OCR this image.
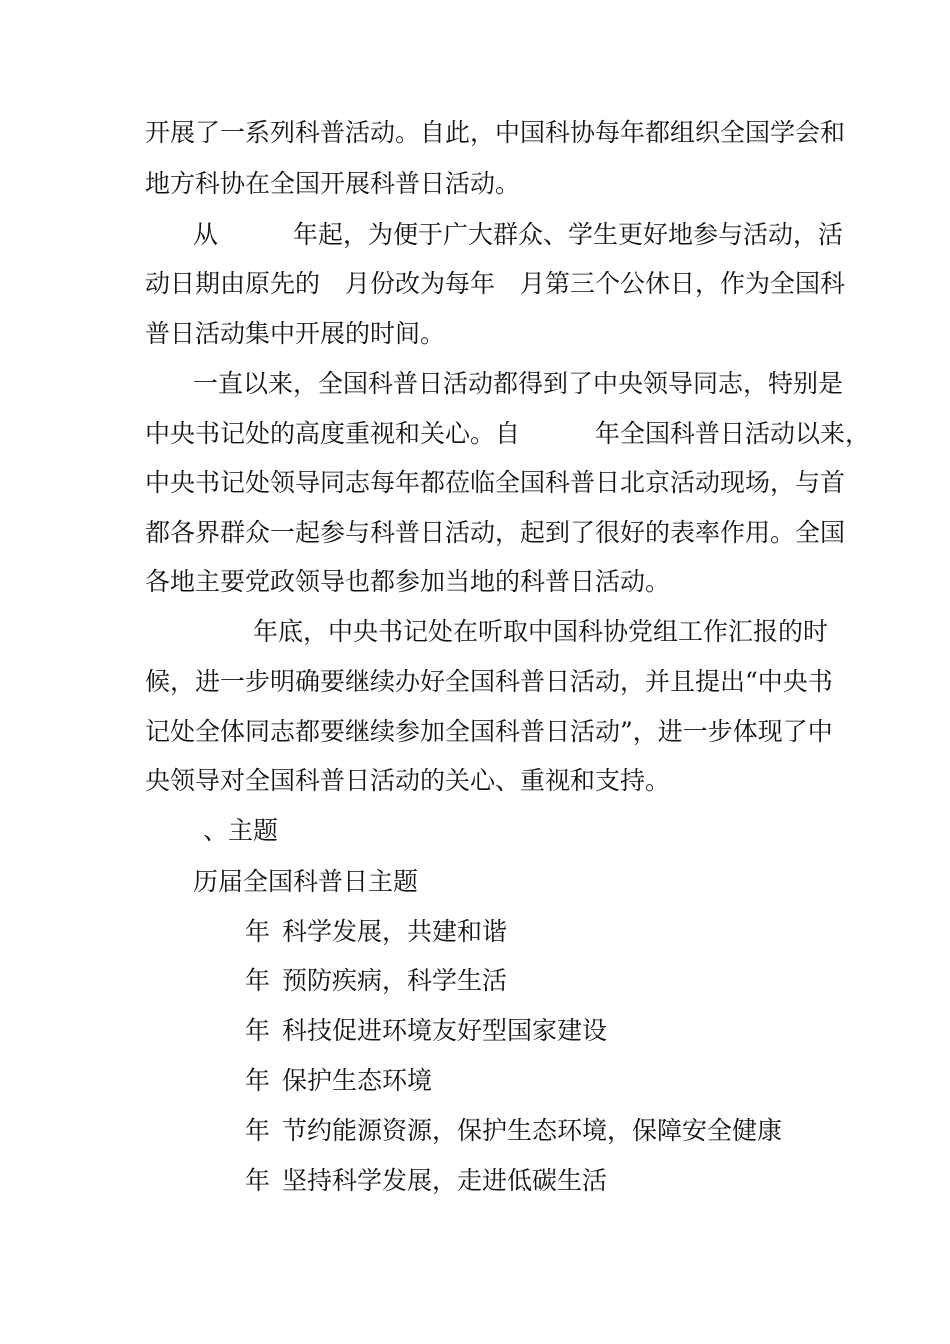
开展了一系列科普活动。自此，中国科协每年都组织全国学会和
地方科协在全国开展科普日活动。
从　　　年起，为便于广大群众、学生更好地参与活动，活
动日期由原先的　月份改为每年　月第三个公休日，作为全国科
普日活动集中开展的时间。
一直以来，全国科普日活动都得到了中央领导同志，特别是
中央书记处的高度重视和关心。自　　　年全国科普日活动以来，
中央书记处领导同志每年都莅临全国科普日北京活动现场，与首
都各界群众一起参与科普日活动，起到了很好的表率作用。全国
各地主要党政领导也都参加当地的科普日活动。
年底，中央书记处在听取中国科协党组工作汇报的时
候，进一步明确要继续办好全国科普日活动，并且提出“中央书
记处全体同志都要继续参加全国科普日活动”，进一步体现了中
央领导对全国科普日活动的关心、重视和支持。
、主题
历届全国科普日主题
年 科学发展，共建和谐
年 预防疾病，科学生活
年 科技促进环境友好型国家建设
年 保护生态环境
年 节约能源资源，保护生态环境，保障安全健康
年 坚持科学发展，走进低碳生活
